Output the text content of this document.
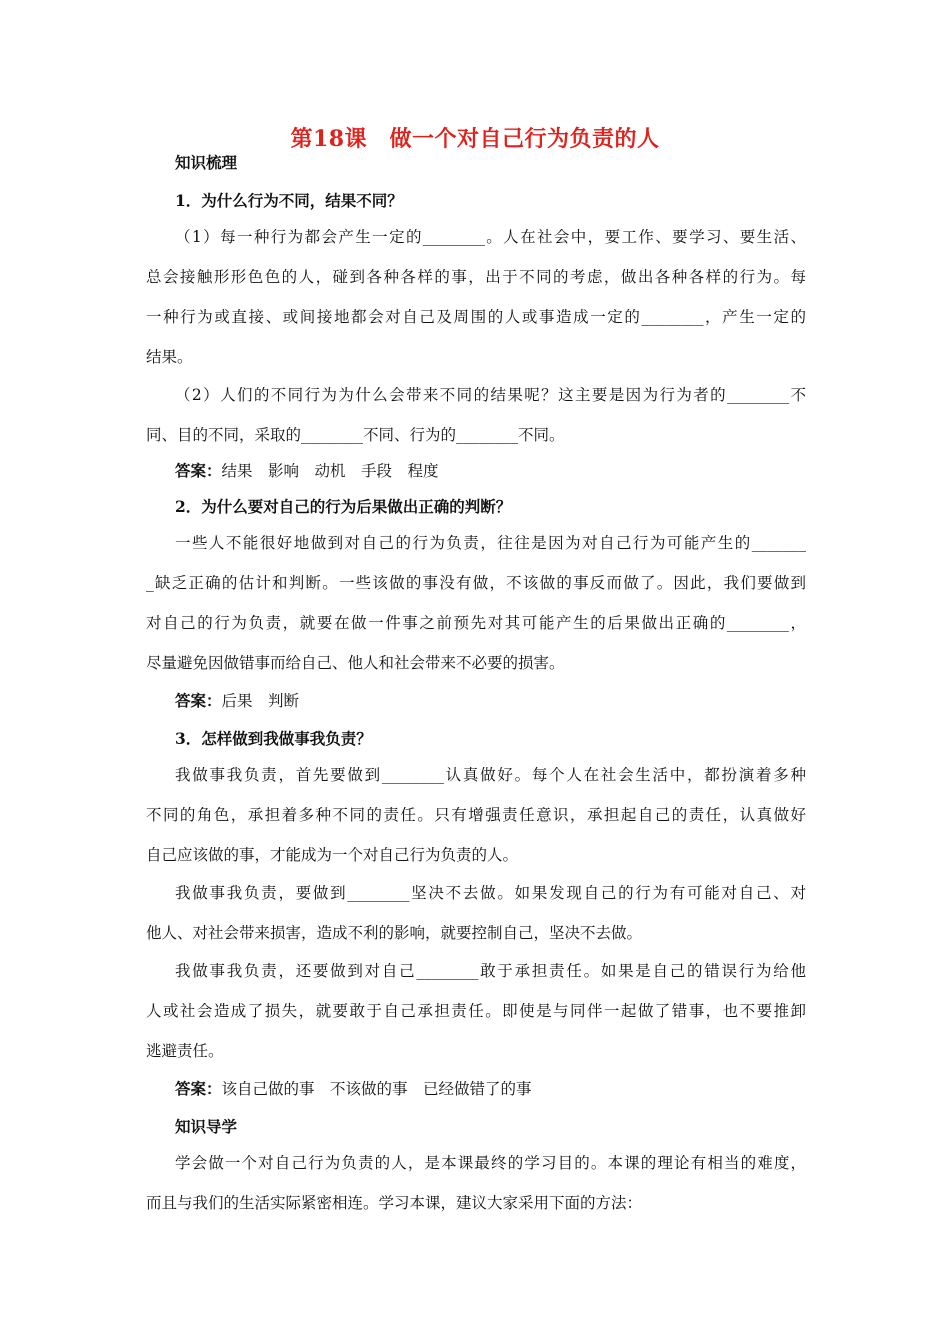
第18课　做一个对自己行为负责的人
知识梳理
1．为什么行为不同，结果不同？
（1）每一种行为都会产生一定的________。人在社会中，要工作、要学习、要生活、
总会接触形形色色的人，碰到各种各样的事，出于不同的考虑，做出各种各样的行为。每
一种行为或直接、或间接地都会对自己及周围的人或事造成一定的________，产生一定的
结果。
（2）人们的不同行为为什么会带来不同的结果呢？这主要是因为行为者的________不
同、目的不同，采取的________不同、行为的________不同。
答案：结果　影响　动机　手段　程度
2．为什么要对自己的行为后果做出正确的判断？
一些人不能很好地做到对自己的行为负责，往往是因为对自己行为可能产生的_______
_缺乏正确的估计和判断。一些该做的事没有做，不该做的事反而做了。因此，我们要做到
对自己的行为负责，就要在做一件事之前预先对其可能产生的后果做出正确的________，
尽量避免因做错事而给自己、他人和社会带来不必要的损害。
答案：后果　判断
3．怎样做到我做事我负责？
我做事我负责，首先要做到________认真做好。每个人在社会生活中，都扮演着多种
不同的角色，承担着多种不同的责任。只有增强责任意识，承担起自己的责任，认真做好
自己应该做的事，才能成为一个对自己行为负责的人。
我做事我负责，要做到________坚决不去做。如果发现自己的行为有可能对自己、对
他人、对社会带来损害，造成不利的影响，就要控制自己，坚决不去做。
我做事我负责，还要做到对自己________敢于承担责任。如果是自己的错误行为给他
人或社会造成了损失，就要敢于自己承担责任。即使是与同伴一起做了错事，也不要推卸
逃避责任。
答案：该自己做的事　不该做的事　已经做错了的事
知识导学
学会做一个对自己行为负责的人，是本课最终的学习目的。本课的理论有相当的难度，
而且与我们的生活实际紧密相连。学习本课，建议大家采用下面的方法：
